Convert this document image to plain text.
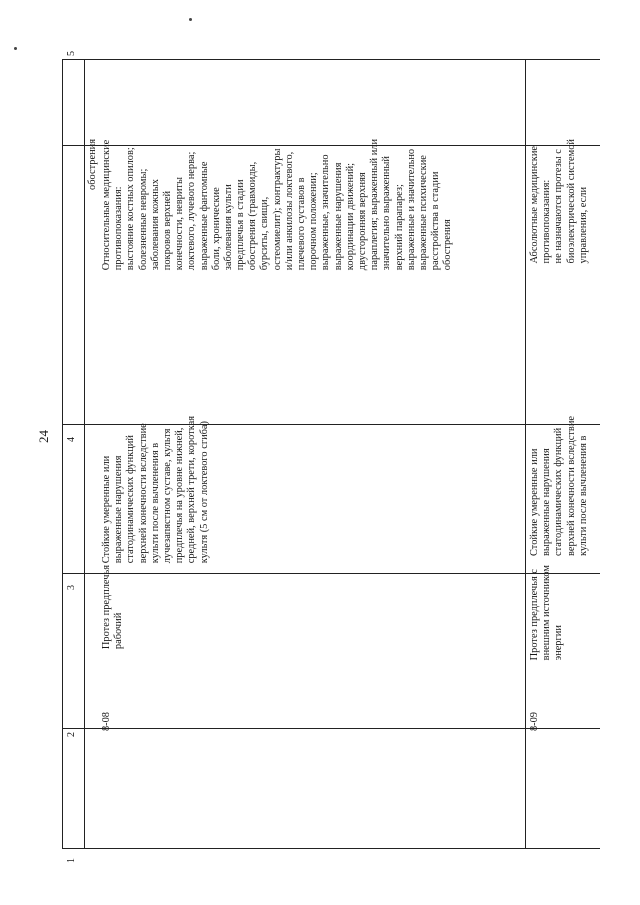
24
5
4
3
2
1
обострения
8-08
Протез предплечья рабочий
Стойкие умеренные или выраженные нарушения статодинамических функций верхней конечности вследствие культи после вычленения в лучезапястном суставе, культя предплечья на уровне нижней, средней, верхней трети, короткая культя (5 см от локтевого сгиба)
Относительные медицинские противопоказания: выстояние костных опилов; болезненные невромы; заболевания кожных покровов верхней конечности, невриты локтевого, лучевого нерва; выраженные фантомные боли, хронические заболевания культи предплечья в стадии обострения (травмоиды, бурситы, свищи, остеомиелит); контрактуры и/или анкилозы локтевого, плечевого суставов в порочном положении; выраженные, значительно выраженные нарушения координации движений; двусторонняя верхняя параплегия; выраженный или значительно выраженный верхний парапарез; выраженные и значительно выраженные психические расстройства в стадии обострения
8-09
Протез предплечья с внешним источником энергии
Стойкие умеренные или выраженные нарушения статодинамических функций верхней конечности вследствие культи после вычленения в
Абсолютные медицинские противопоказания: не назначаются протезы с биоэлектрической системой управления, если
